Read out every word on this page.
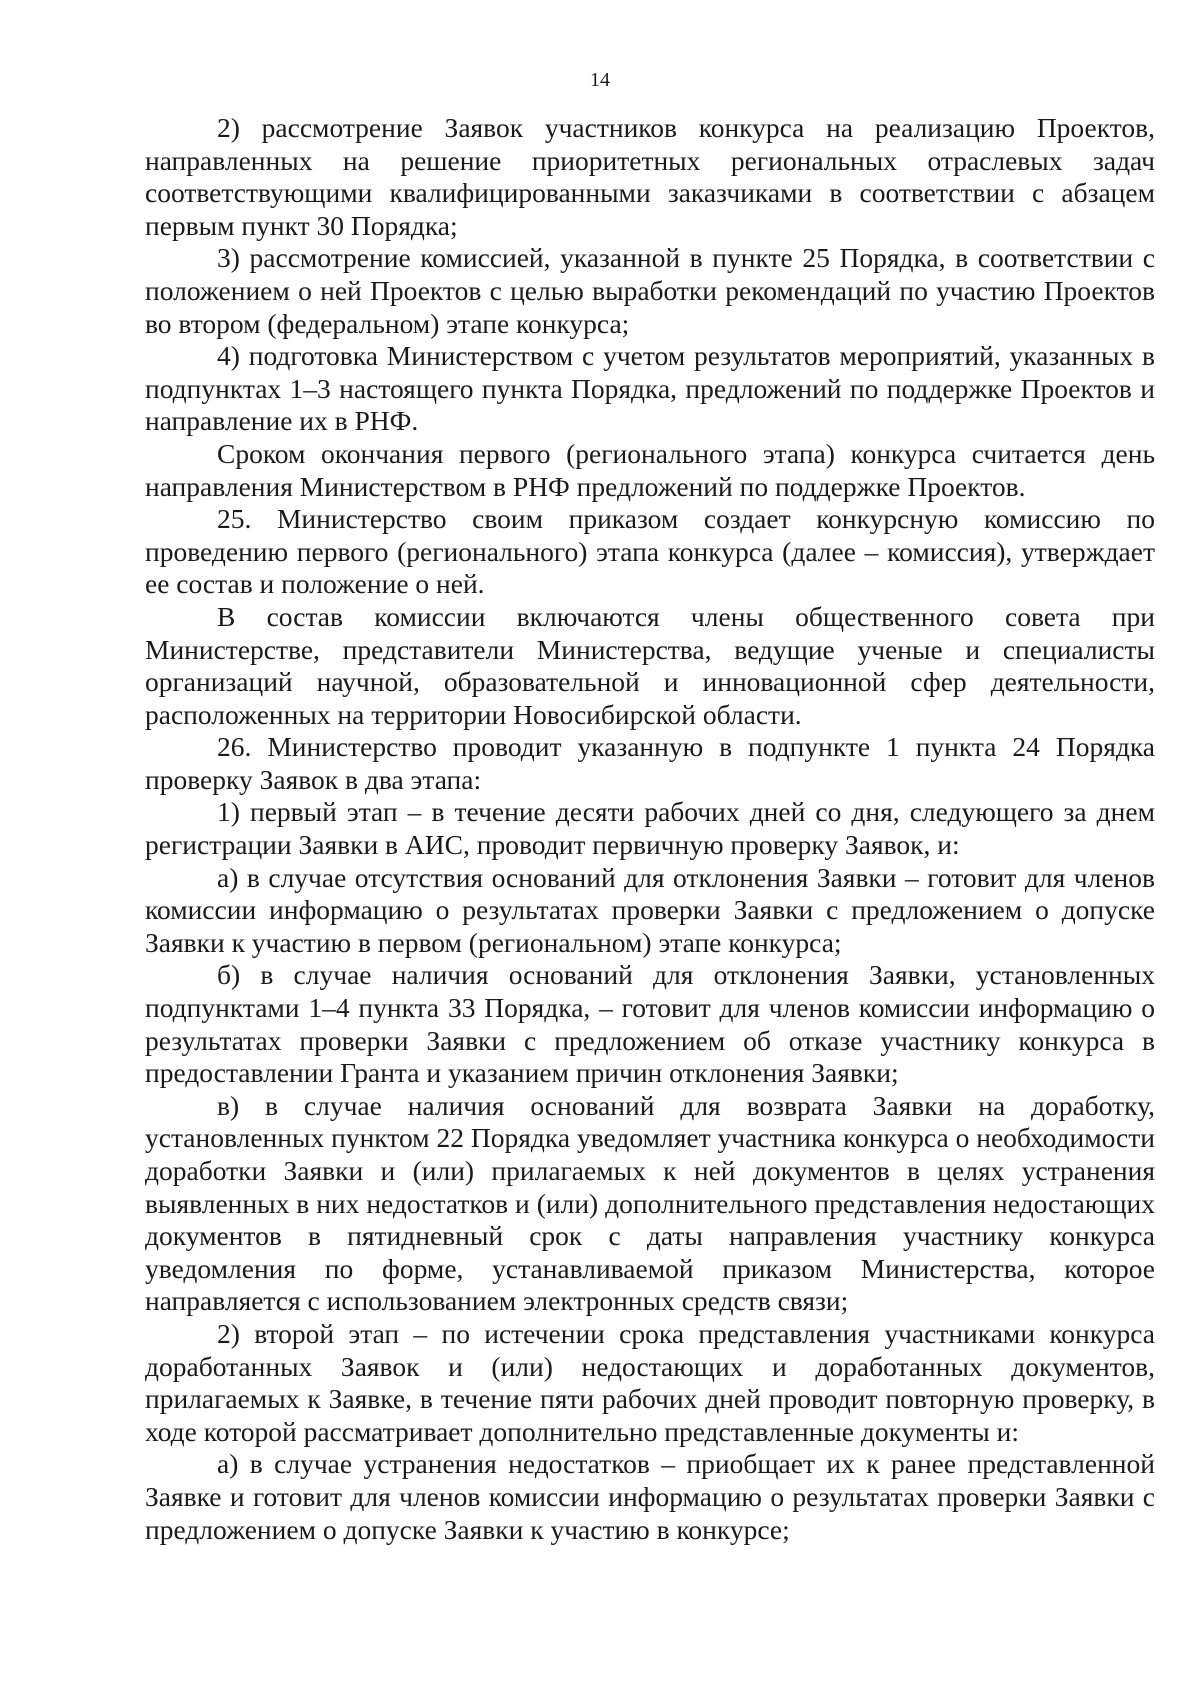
14

2) рассмотрение Заявок участников конкурса на реализацию Проектов, направленных на решение приоритетных региональных отраслевых задач соответствующими квалифицированными заказчиками в соответствии с абзацем первым пункт 30 Порядка;

3) рассмотрение комиссией, указанной в пункте 25 Порядка, в соответствии с положением о ней Проектов с целью выработки рекомендаций по участию Проектов во втором (федеральном) этапе конкурса;

4) подготовка Министерством с учетом результатов мероприятий, указанных в подпунктах 1–3 настоящего пункта Порядка, предложений по поддержке Проектов и направление их в РНФ.

Сроком окончания первого (регионального этапа) конкурса считается день направления Министерством в РНФ предложений по поддержке Проектов.

25. Министерство своим приказом создает конкурсную комиссию по проведению первого (регионального) этапа конкурса (далее – комиссия), утверждает ее состав и положение о ней.

В состав комиссии включаются члены общественного совета при Министерстве, представители Министерства, ведущие ученые и специалисты организаций научной, образовательной и инновационной сфер деятельности, расположенных на территории Новосибирской области.

26. Министерство проводит указанную в подпункте 1 пункта 24 Порядка проверку Заявок в два этапа:

1) первый этап – в течение десяти рабочих дней со дня, следующего за днем регистрации Заявки в АИС, проводит первичную проверку Заявок, и:

а) в случае отсутствия оснований для отклонения Заявки – готовит для членов комиссии информацию о результатах проверки Заявки с предложением о допуске Заявки к участию в первом (региональном) этапе конкурса;

б) в случае наличия оснований для отклонения Заявки, установленных подпунктами 1–4 пункта 33 Порядка, – готовит для членов комиссии информацию о результатах проверки Заявки с предложением об отказе участнику конкурса в предоставлении Гранта и указанием причин отклонения Заявки;

в) в случае наличия оснований для возврата Заявки на доработку, установленных пунктом 22 Порядка уведомляет участника конкурса о необходимости доработки Заявки и (или) прилагаемых к ней документов в целях устранения выявленных в них недостатков и (или) дополнительного представления недостающих документов в пятидневный срок с даты направления участнику конкурса уведомления по форме, устанавливаемой приказом Министерства, которое направляется с использованием электронных средств связи;

2) второй этап – по истечении срока представления участниками конкурса доработанных Заявок и (или) недостающих и доработанных документов, прилагаемых к Заявке, в течение пяти рабочих дней проводит повторную проверку, в ходе которой рассматривает дополнительно представленные документы и:

а) в случае устранения недостатков – приобщает их к ранее представленной Заявке и готовит для членов комиссии информацию о результатах проверки Заявки с предложением о допуске Заявки к участию в конкурсе;
